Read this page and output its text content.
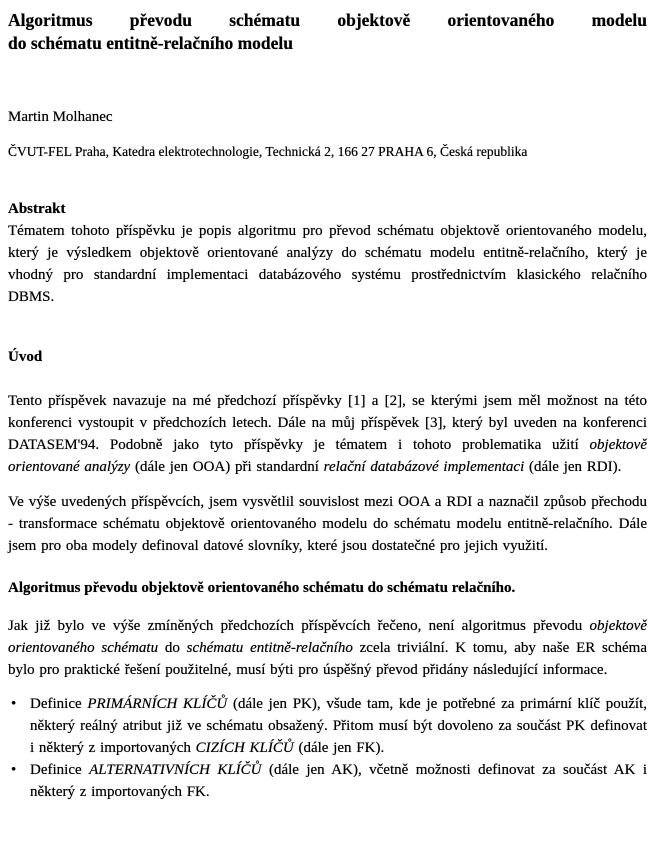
Algoritmus převodu schématu objektově orientovaného modelu
do schématu entitně-relačního modelu
Martin Molhanec
ČVUT-FEL Praha, Katedra elektrotechnologie, Technická 2, 166 27 PRAHA 6, Česká republika
Abstrakt
Tématem tohoto příspěvku je popis algoritmu pro převod schématu objektově orientovaného modelu, který je výsledkem objektově orientované analýzy do schématu modelu entitně-relačního, který je vhodný pro standardní implementaci databázového systému prostřednictvím klasického relačního DBMS.
Úvod
Tento příspěvek navazuje na mé předchozí příspěvky [1] a [2], se kterými jsem měl možnost na této konferenci vystoupit v předchozích letech. Dále na můj příspěvek [3], který byl uveden na konferenci DATASEM'94. Podobně jako tyto příspěvky je tématem i tohoto problematika užití objektově orientované analýzy (dále jen OOA) při standardní relační databázové implementaci (dále jen RDI).
Ve výše uvedených příspěvcích, jsem vysvětlil souvislost mezi OOA a RDI a naznačil způsob přechodu - transformace schématu objektově orientovaného modelu do schématu modelu entitně-relačního. Dále jsem pro oba modely definoval datové slovníky, které jsou dostatečné pro jejich využití.
Algoritmus převodu objektově orientovaného schématu do schématu relačního.
Jak již bylo ve výše zmíněných předchozích příspěvcích řečeno, není algoritmus převodu objektově orientovaného schématu do schématu entitně-relačního zcela triviální. K tomu, aby naše ER schéma bylo pro praktické řešení použitelné, musí býti pro úspěšný převod přidány následující informace.
• Definice PRIMÁRNÍCH KLÍČŮ (dále jen PK), všude tam, kde je potřebné za primární klíč použít, některý reálný atribut již ve schématu obsažený. Přitom musí být dovoleno za součást PK definovat i některý z importovaných CIZÍCH KLÍČŮ (dále jen FK).
• Definice ALTERNATIVNÍCH KLÍČŮ (dále jen AK), včetně možnosti definovat za součást AK i některý z importovaných FK.
